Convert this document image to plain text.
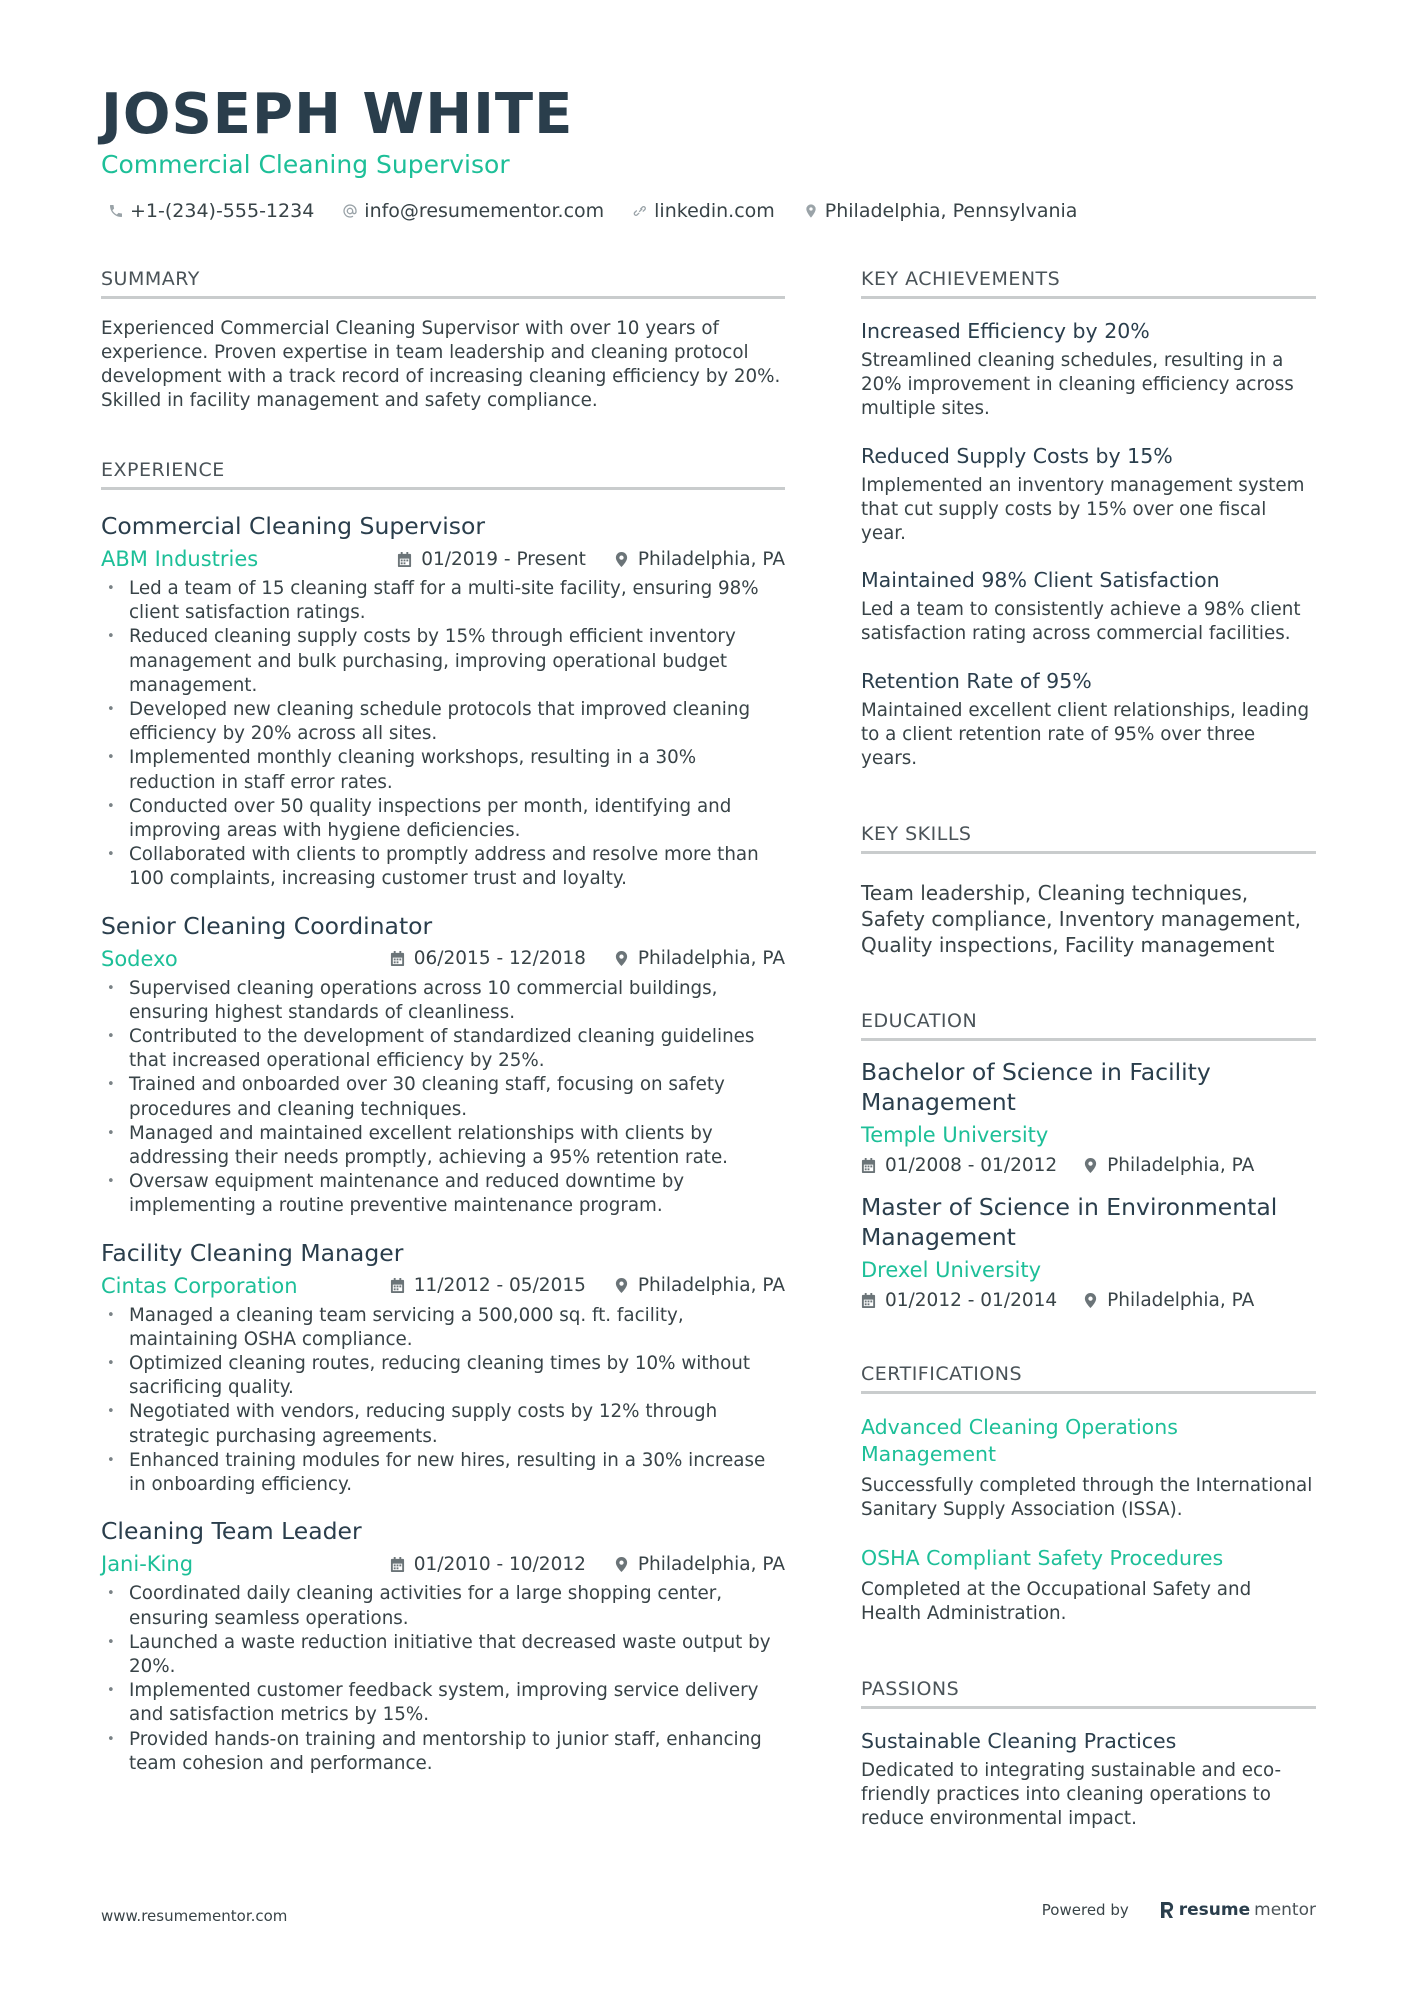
JOSEPH WHITE
Commercial Cleaning Supervisor
+1-(234)-555-1234	info@resumementor.com	linkedin.com	Philadelphia, Pennsylvania
SUMMARY

Experienced Commercial Cleaning Supervisor with over 10 years of experience. Proven expertise in team leadership and cleaning protocol development with a track record of increasing cleaning efficiency by 20%. Skilled in facility management and safety compliance.

EXPERIENCE
Commercial Cleaning Supervisor
ABM Industries	01/2019 - Present	Philadelphia, PA
• Led a team of 15 cleaning staff for a multi-site facility, ensuring 98% client satisfaction ratings.
• Reduced cleaning supply costs by 15% through efficient inventory management and bulk purchasing, improving operational budget management.
• Developed new cleaning schedule protocols that improved cleaning efficiency by 20% across all sites.
• Implemented monthly cleaning workshops, resulting in a 30% reduction in staff error rates.
• Conducted over 50 quality inspections per month, identifying and improving areas with hygiene deficiencies.
• Collaborated with clients to promptly address and resolve more than 100 complaints, increasing customer trust and loyalty.
Senior Cleaning Coordinator
Sodexo	06/2015 - 12/2018	Philadelphia, PA
• Supervised cleaning operations across 10 commercial buildings, ensuring highest standards of cleanliness.
• Contributed to the development of standardized cleaning guidelines that increased operational efficiency by 25%.
• Trained and onboarded over 30 cleaning staff, focusing on safety procedures and cleaning techniques.
• Managed and maintained excellent relationships with clients by addressing their needs promptly, achieving a 95% retention rate.
• Oversaw equipment maintenance and reduced downtime by implementing a routine preventive maintenance program.
Facility Cleaning Manager
Cintas Corporation	11/2012 - 05/2015	Philadelphia, PA
• Managed a cleaning team servicing a 500,000 sq. ft. facility, maintaining OSHA compliance.
• Optimized cleaning routes, reducing cleaning times by 10% without sacrificing quality.
• Negotiated with vendors, reducing supply costs by 12% through strategic purchasing agreements.
• Enhanced training modules for new hires, resulting in a 30% increase in onboarding efficiency.
Cleaning Team Leader
Jani-King	01/2010 - 10/2012	Philadelphia, PA
• Coordinated daily cleaning activities for a large shopping center, ensuring seamless operations.
• Launched a waste reduction initiative that decreased waste output by 20%.
• Implemented customer feedback system, improving service delivery and satisfaction metrics by 15%.
• Provided hands-on training and mentorship to junior staff, enhancing team cohesion and performance.
KEY ACHIEVEMENTS
Increased Efficiency by 20%
Streamlined cleaning schedules, resulting in a 20% improvement in cleaning efficiency across multiple sites.
Reduced Supply Costs by 15%
Implemented an inventory management system that cut supply costs by 15% over one fiscal year.
Maintained 98% Client Satisfaction
Led a team to consistently achieve a 98% client satisfaction rating across commercial facilities.
Retention Rate of 95%
Maintained excellent client relationships, leading to a client retention rate of 95% over three years.
KEY SKILLS
Team leadership, Cleaning techniques, Safety compliance, Inventory management, Quality inspections, Facility management
EDUCATION
Bachelor of Science in Facility Management
Temple University
01/2008 - 01/2012	Philadelphia, PA
Master of Science in Environmental Management
Drexel University
01/2012 - 01/2014	Philadelphia, PA
CERTIFICATIONS
Advanced Cleaning Operations Management
Successfully completed through the International Sanitary Supply Association (ISSA).
OSHA Compliant Safety Procedures
Completed at the Occupational Safety and Health Administration.
PASSIONS
Sustainable Cleaning Practices
Dedicated to integrating sustainable and eco-friendly practices into cleaning operations to reduce environmental impact.
www.resumementor.com	Powered by	resume mentor
